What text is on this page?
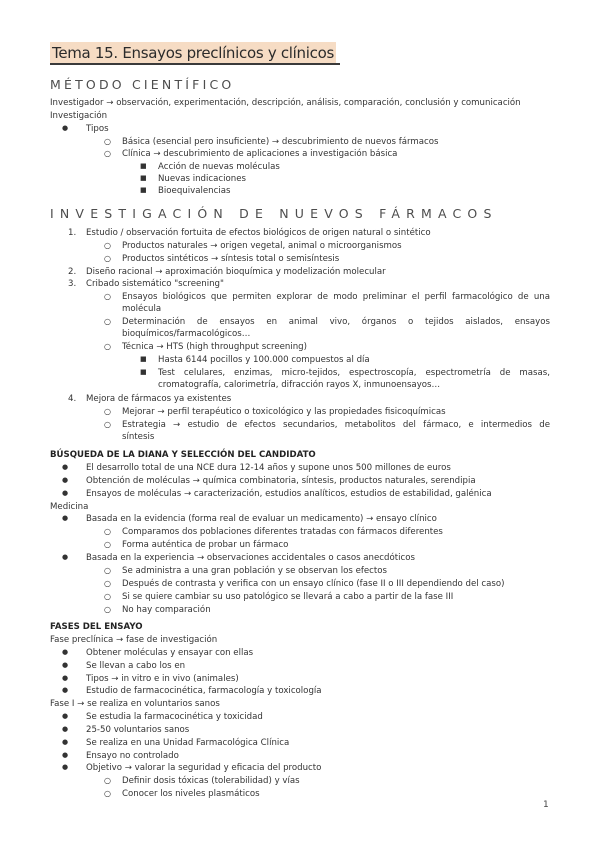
Tema 15. Ensayos preclínicos y clínicos
MÉTODO CIENTÍFICO
Investigador → observación, experimentación, descripción, análisis, comparación, conclusión y comunicación
Investigación
● Tipos
○ Básica (esencial pero insuficiente) → descubrimiento de nuevos fármacos
○ Clínica → descubrimiento de aplicaciones a investigación básica
■ Acción de nuevas moléculas
■ Nuevas indicaciones
■ Bioequivalencias
INVESTIGACIÓN DE NUEVOS FÁRMACOS
1. Estudio / observación fortuita de efectos biológicos de origen natural o sintético
○ Productos naturales → origen vegetal, animal o microorganismos
○ Productos sintéticos → síntesis total o semisíntesis
2. Diseño racional → aproximación bioquímica y modelización molecular
3. Cribado sistemático "screening"
○ Ensayos biológicos que permiten explorar de modo preliminar el perfil farmacológico de una
molécula
○ Determinación de ensayos en animal vivo, órganos o tejidos aislados, ensayos
bioquímicos/farmacológicos…
○ Técnica → HTS (high throughput screening)
■ Hasta 6144 pocillos y 100.000 compuestos al día
■ Test celulares, enzimas, micro-tejidos, espectroscopía, espectrometría de masas,
cromatografía, calorimetría, difracción rayos X, inmunoensayos…
4. Mejora de fármacos ya existentes
○ Mejorar → perfil terapéutico o toxicológico y las propiedades fisicoquímicas
○ Estrategia → estudio de efectos secundarios, metabolitos del fármaco, e intermedios de
síntesis
BÚSQUEDA DE LA DIANA Y SELECCIÓN DEL CANDIDATO
● El desarrollo total de una NCE dura 12-14 años y supone unos 500 millones de euros
● Obtención de moléculas → química combinatoria, síntesis, productos naturales, serendipia
● Ensayos de moléculas → caracterización, estudios analíticos, estudios de estabilidad, galénica
Medicina
● Basada en la evidencia (forma real de evaluar un medicamento) → ensayo clínico
○ Comparamos dos poblaciones diferentes tratadas con fármacos diferentes
○ Forma auténtica de probar un fármaco
● Basada en la experiencia → observaciones accidentales o casos anecdóticos
○ Se administra a una gran población y se observan los efectos
○ Después de contrasta y verifica con un ensayo clínico (fase II o III dependiendo del caso)
○ Si se quiere cambiar su uso patológico se llevará a cabo a partir de la fase III
○ No hay comparación
FASES DEL ENSAYO
Fase preclínica → fase de investigación
● Obtener moléculas y ensayar con ellas
● Se llevan a cabo los en
● Tipos → in vitro e in vivo (animales)
● Estudio de farmacocinética, farmacología y toxicología
Fase I → se realiza en voluntarios sanos
● Se estudia la farmacocinética y toxicidad
● 25-50 voluntarios sanos
● Se realiza en una Unidad Farmacológica Clínica
● Ensayo no controlado
● Objetivo → valorar la seguridad y eficacia del producto
○ Definir dosis tóxicas (tolerabilidad) y vías
○ Conocer los niveles plasmáticos
1
